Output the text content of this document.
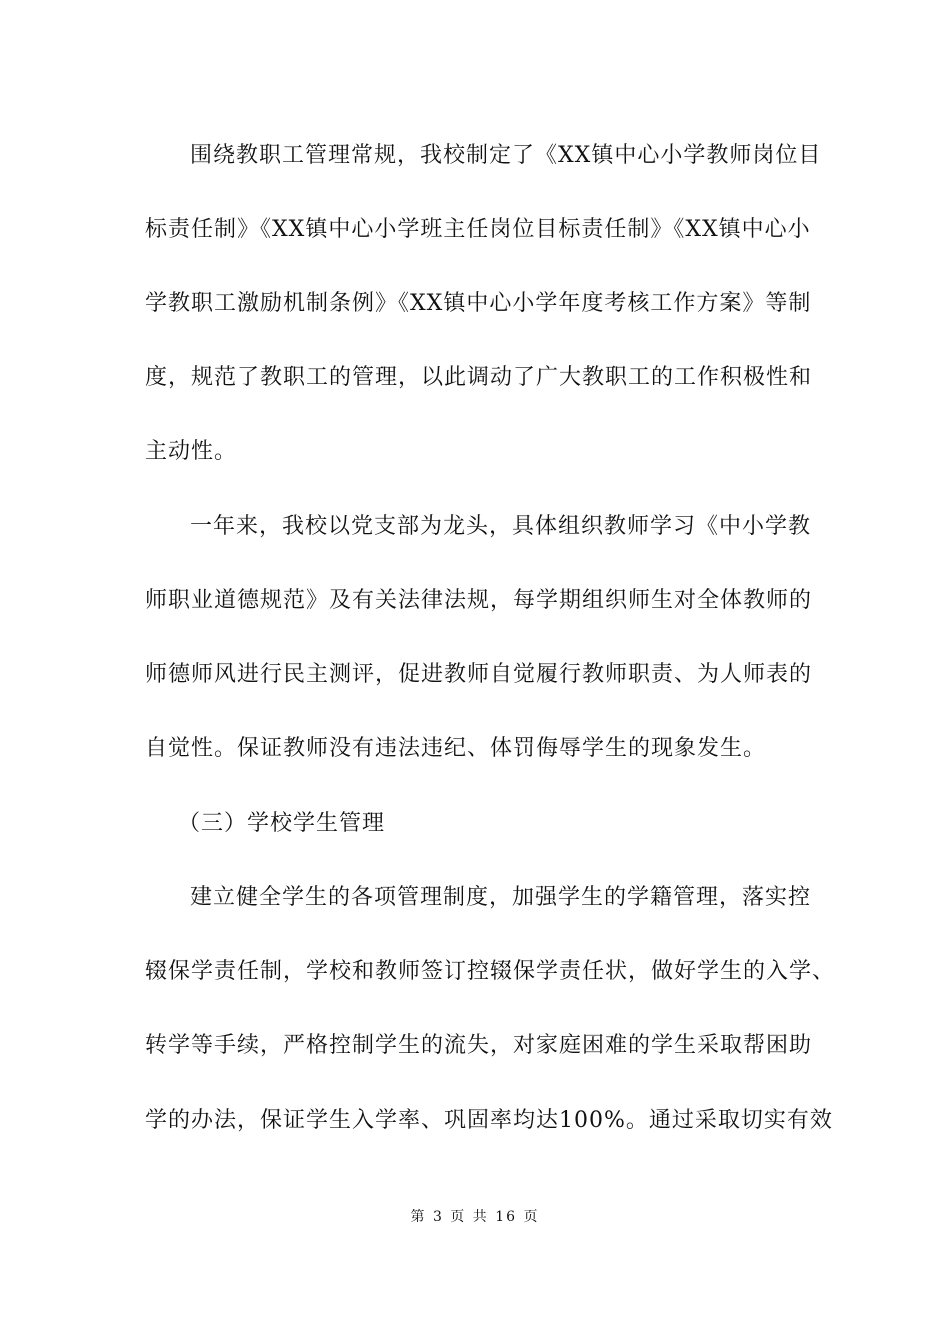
围绕教职工管理常规，我校制定了《XX镇中心小学教师岗位目
标责任制》《XX镇中心小学班主任岗位目标责任制》《XX镇中心小
学教职工激励机制条例》《XX镇中心小学年度考核工作方案》等制
度，规范了教职工的管理，以此调动了广大教职工的工作积极性和
主动性。
一年来，我校以党支部为龙头，具体组织教师学习《中小学教
师职业道德规范》及有关法律法规，每学期组织师生对全体教师的
师德师风进行民主测评，促进教师自觉履行教师职责、为人师表的
自觉性。保证教师没有违法违纪、体罚侮辱学生的现象发生。
（三）学校学生管理
建立健全学生的各项管理制度，加强学生的学籍管理，落实控
辍保学责任制，学校和教师签订控辍保学责任状，做好学生的入学、
转学等手续，严格控制学生的流失，对家庭困难的学生采取帮困助
学的办法，保证学生入学率、巩固率均达100%。通过采取切实有效
第 3 页 共 16 页
